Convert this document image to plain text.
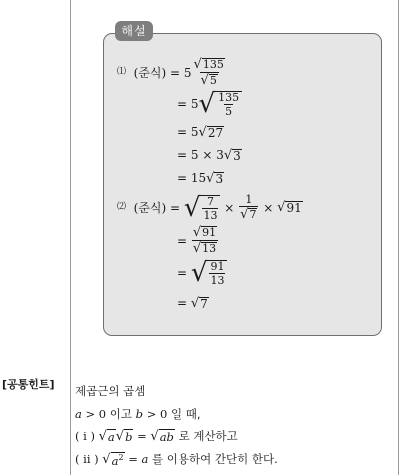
해설
⑴
(준식) = $5 \frac{√ 135}{√ 5}$
= 5 √ $\frac{135}{5}$
= 5 √ 27
= 5 × 3 √ 3
= 15 √ 3
⑵
(준식) = √ $\frac{7}{13} \times \frac{1}{√ 7}$ × √ 91
= $\frac{√ 91}{√ 13}$
= √ $\frac{91}{13}$
= √ 7
[공통힌트] 제곱근의 곱셈
a > 0 이고 b > 0 일 때,
( i ) √ a √ b = √ ab 로 계산하고
( ii ) √ $a^2 = a$ 를 이용하여 간단히 한다.
